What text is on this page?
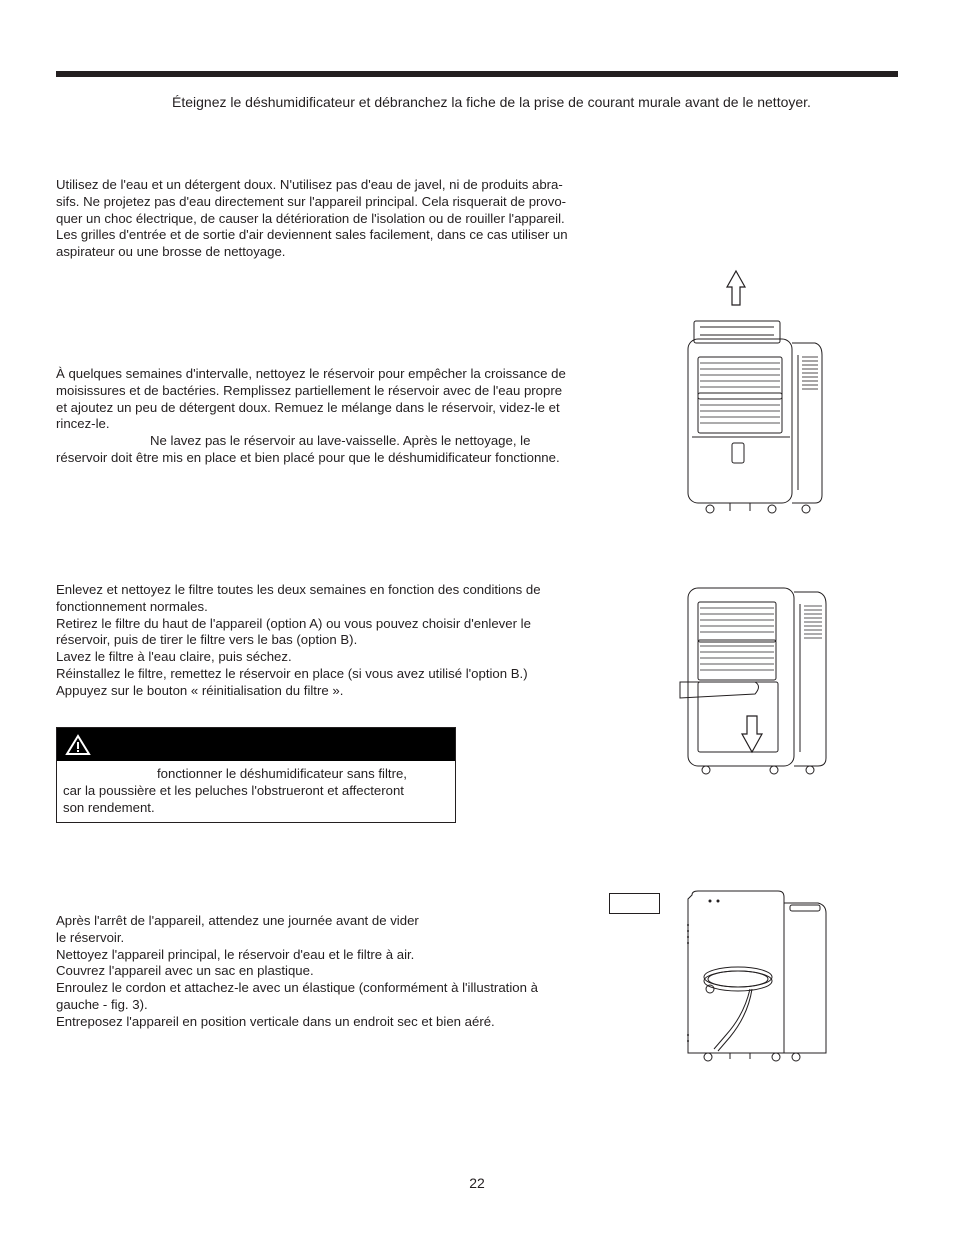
Éteignez le déshumidificateur et débranchez la fiche de la prise de courant murale avant de le nettoyer.
Utilisez de l'eau et un détergent doux. N'utilisez pas d'eau de javel, ni de produits abra-
sifs. Ne projetez pas d'eau directement sur l'appareil principal. Cela risquerait de provo-
quer un choc électrique, de causer la détérioration de l'isolation ou de rouiller l'appareil.
Les grilles d'entrée et de sortie d'air deviennent sales facilement, dans ce cas utiliser un
aspirateur ou une brosse de nettoyage.
À quelques semaines d'intervalle, nettoyez le réservoir pour empêcher la croissance de
moisissures et de bactéries. Remplissez partiellement le réservoir avec de l'eau propre
et ajoutez un peu de détergent doux. Remuez le mélange dans le réservoir, videz-le et
rincez-le.
Ne lavez pas le réservoir au lave-vaisselle. Après le nettoyage, le
réservoir doit être mis en place et bien placé pour que le déshumidificateur fonctionne.
Enlevez et nettoyez le filtre toutes les deux semaines en fonction des conditions de
fonctionnement normales.
Retirez le filtre du haut de l'appareil (option A) ou vous pouvez choisir d'enlever le
réservoir, puis de tirer le filtre vers le bas (option B).
Lavez le filtre à l'eau claire, puis séchez.
Réinstallez le filtre, remettez le réservoir en place (si vous avez utilisé l'option B.)
Appuyez sur le bouton « réinitialisation du filtre ».
fonctionner le déshumidificateur sans filtre,
car la poussière et les peluches l'obstrueront et affecteront
son rendement.
Après l'arrêt de l'appareil, attendez une journée avant de vider
le réservoir.
Nettoyez l'appareil principal, le réservoir d'eau et le filtre à air.
Couvrez l'appareil avec un sac en plastique.
Enroulez le cordon et attachez-le avec un élastique (conformément à l'illustration à
gauche - fig. 3).
Entreposez l'appareil en position verticale dans un endroit sec et bien aéré.
22
